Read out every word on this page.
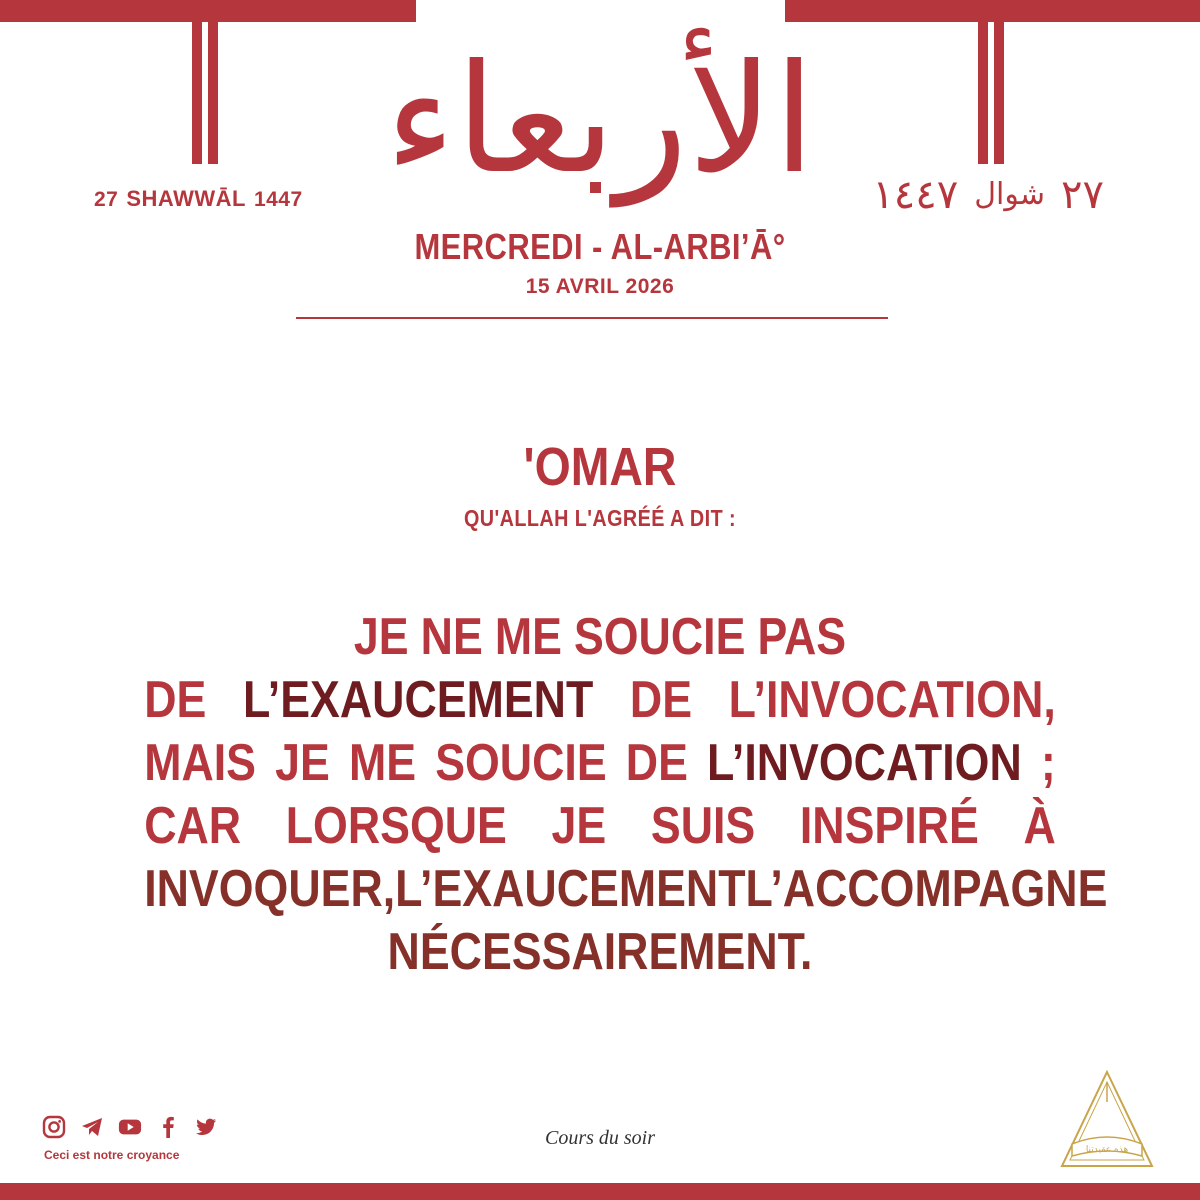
الأربعاء
27 SHAWWĀL 1447	٢٧
شوال
١٤٤٧
MERCREDI - AL-ARBI’Ā°
15 AVRIL 2026
'OMAR
QU'ALLAH L'AGRÉÉ A DIT :
JE NE ME SOUCIE PAS
DE L’EXAUCEMENT DE L’INVOCATION,
MAIS JE ME SOUCIE DE L’INVOCATION ;
CAR LORSQUE JE SUIS INSPIRÉ À
INVOQUER, L’EXAUCEMENT L’ACCOMPAGNE
NÉCESSAIREMENT.
Ceci est notre croyance
Cours du soir
هذه عقيدتنا
